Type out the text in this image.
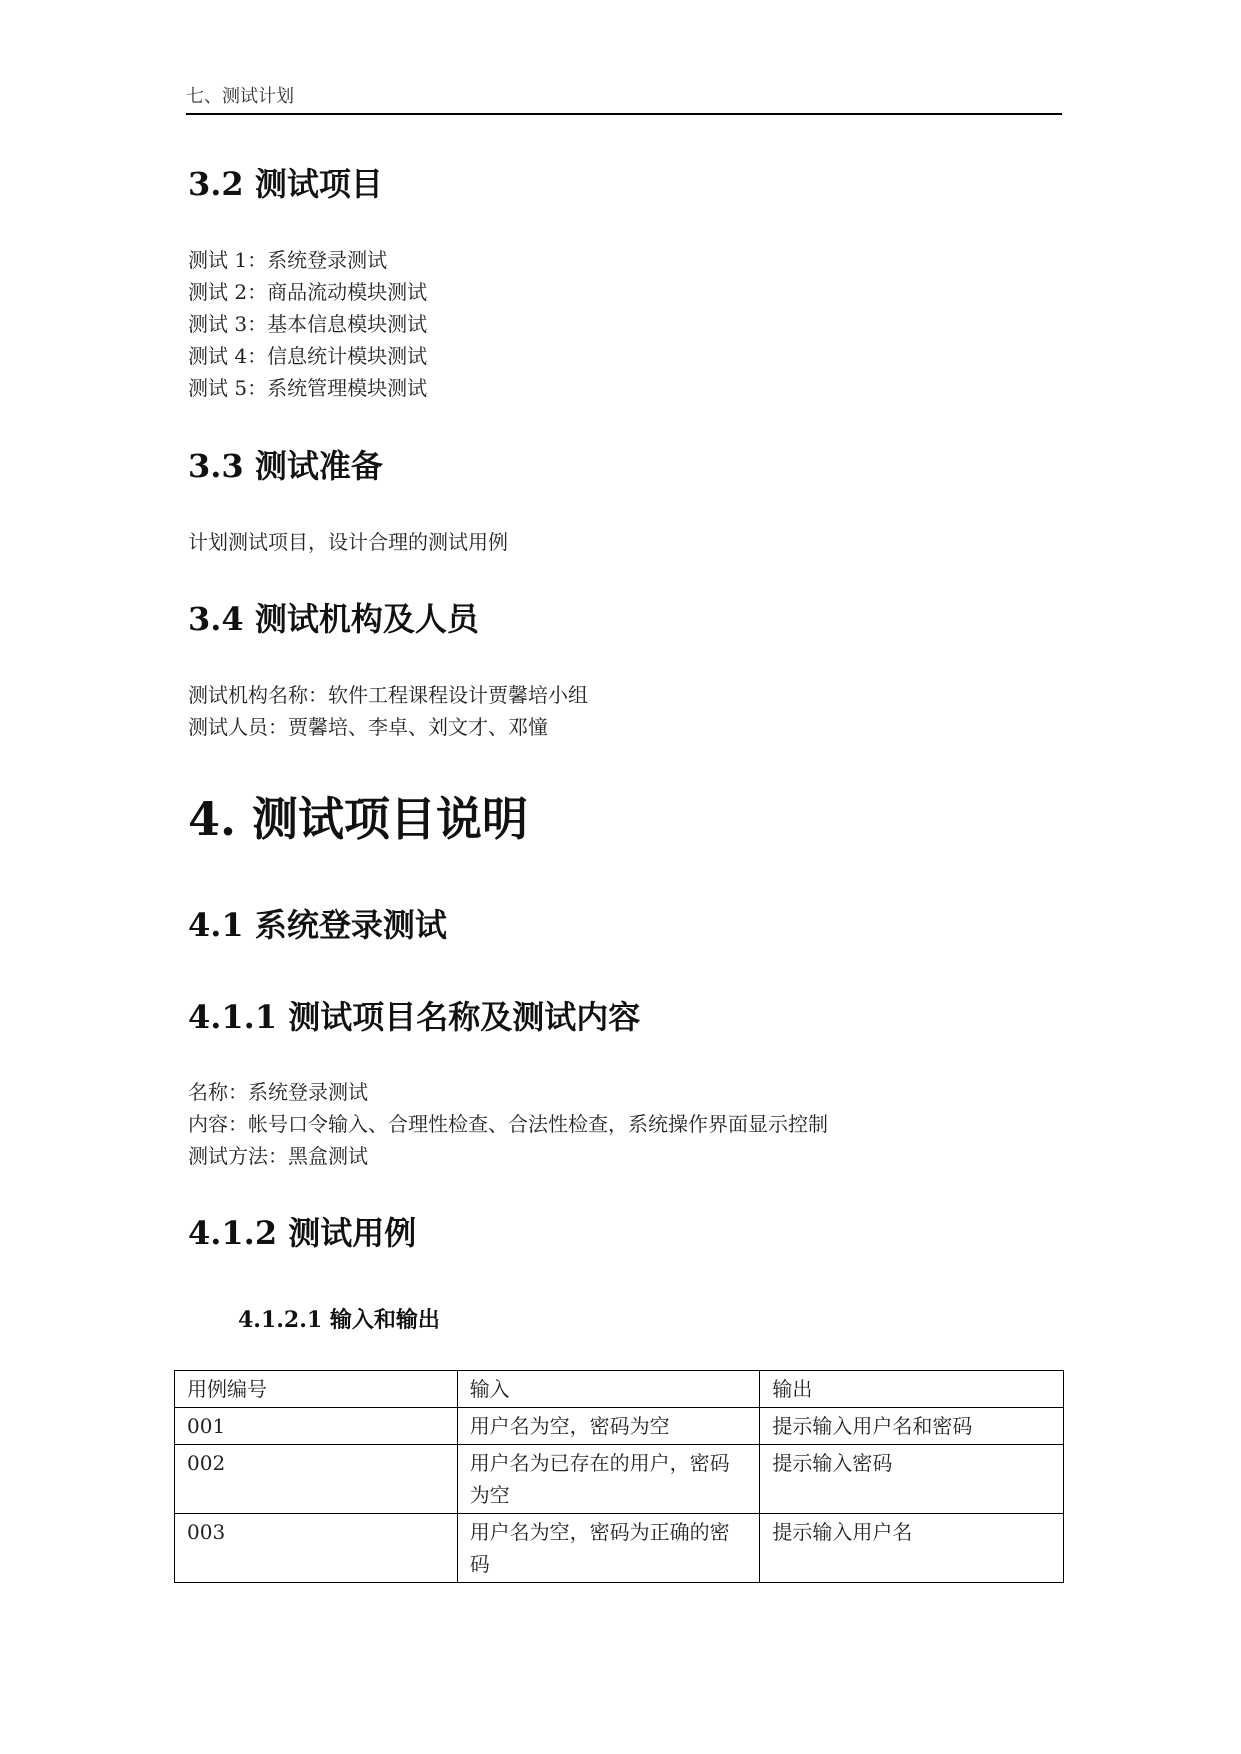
七、测试计划
3.2 测试项目
测试 1：系统登录测试
测试 2：商品流动模块测试
测试 3：基本信息模块测试
测试 4：信息统计模块测试
测试 5：系统管理模块测试
3.3 测试准备
计划测试项目，设计合理的测试用例
3.4 测试机构及人员
测试机构名称：软件工程课程设计贾馨培小组
测试人员：贾馨培、李卓、刘文才、邓憧
4. 测试项目说明
4.1 系统登录测试
4.1.1 测试项目名称及测试内容
名称：系统登录测试
内容：帐号口令输入、合理性检查、合法性检查，系统操作界面显示控制
测试方法：黑盒测试
4.1.2 测试用例
4.1.2.1 输入和输出
用例编号	输入	输出
001	用户名为空，密码为空	提示输入用户名和密码
002	用户名为已存在的用户，密码为空	提示输入密码
003	用户名为空，密码为正确的密码	提示输入用户名
